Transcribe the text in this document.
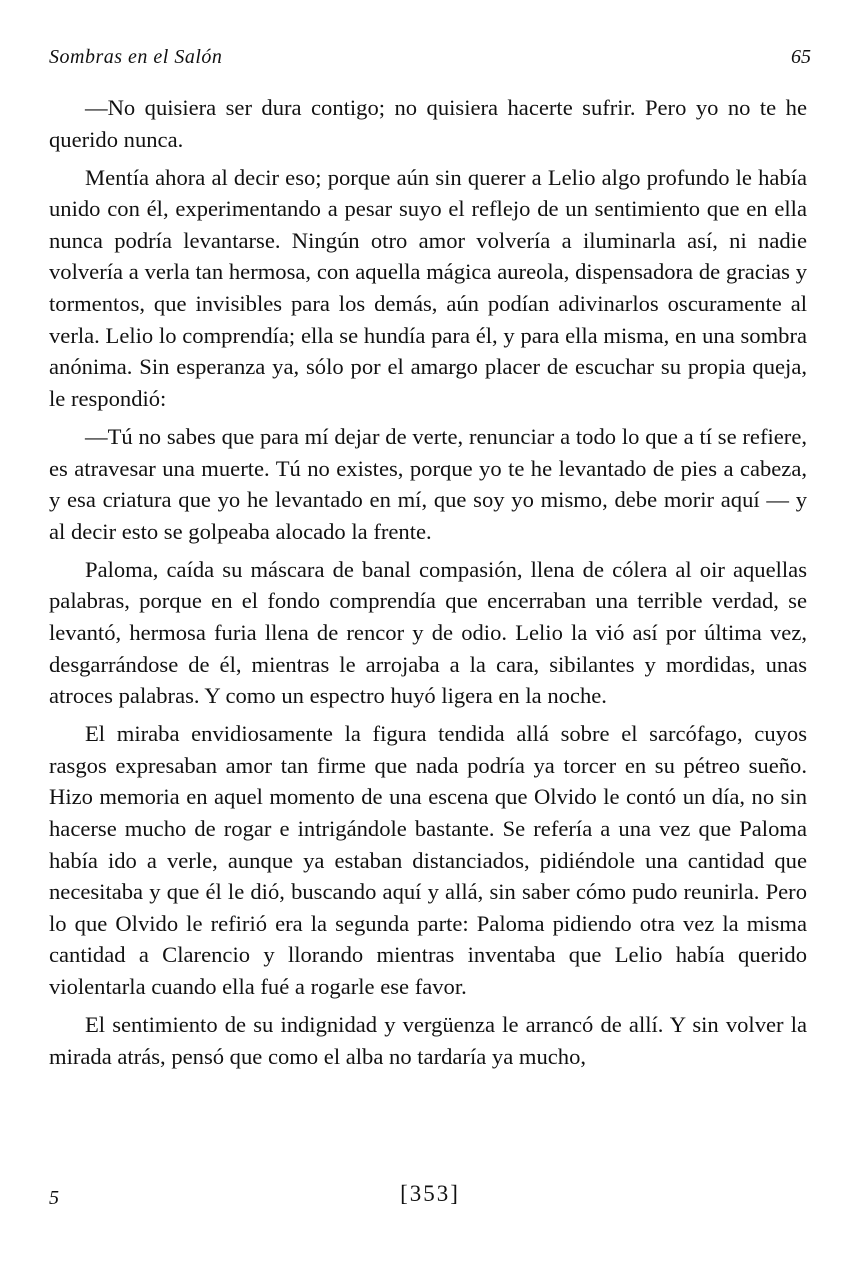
Sombras en el Salón	65

—No quisiera ser dura contigo; no quisiera hacerte sufrir. Pero yo no te he querido nunca.

Mentía ahora al decir eso; porque aún sin querer a Lelio algo profundo le había unido con él, experimentando a pesar suyo el reflejo de un sentimiento que en ella nunca podría levantarse. Ningún otro amor volvería a iluminarla así, ni nadie volvería a verla tan hermosa, con aquella mágica aureola, dispensadora de gracias y tormentos, que invisibles para los demás, aún podían adivinarlos oscuramente al verla. Lelio lo comprendía; ella se hundía para él, y para ella misma, en una sombra anónima. Sin esperanza ya, sólo por el amargo placer de escuchar su propia queja, le respondió:

—Tú no sabes que para mí dejar de verte, renunciar a todo lo que a tí se refiere, es atravesar una muerte. Tú no existes, porque yo te he levantado de pies a cabeza, y esa criatura que yo he levantado en mí, que soy yo mismo, debe morir aquí — y al decir esto se golpeaba alocado la frente.

Paloma, caída su máscara de banal compasión, llena de cólera al oir aquellas palabras, porque en el fondo comprendía que encerraban una terrible verdad, se levantó, hermosa furia llena de rencor y de odio. Lelio la vió así por última vez, desgarrándose de él, mientras le arrojaba a la cara, sibilantes y mordidas, unas atroces palabras. Y como un espectro huyó ligera en la noche.

El miraba envidiosamente la figura tendida allá sobre el sarcófago, cuyos rasgos expresaban amor tan firme que nada podría ya torcer en su pétreo sueño. Hizo memoria en aquel momento de una escena que Olvido le contó un día, no sin hacerse mucho de rogar e intrigándole bastante. Se refería a una vez que Paloma había ido a verle, aunque ya estaban distanciados, pidiéndole una cantidad que necesitaba y que él le dió, buscando aquí y allá, sin saber cómo pudo reunirla. Pero lo que Olvido le refirió era la segunda parte: Paloma pidiendo otra vez la misma cantidad a Clarencio y llorando mientras inventaba que Lelio había querido violentarla cuando ella fué a rogarle ese favor.

El sentimiento de su indignidad y vergüenza le arrancó de allí. Y sin volver la mirada atrás, pensó que como el alba no tardaría ya mucho,

5	[353]
